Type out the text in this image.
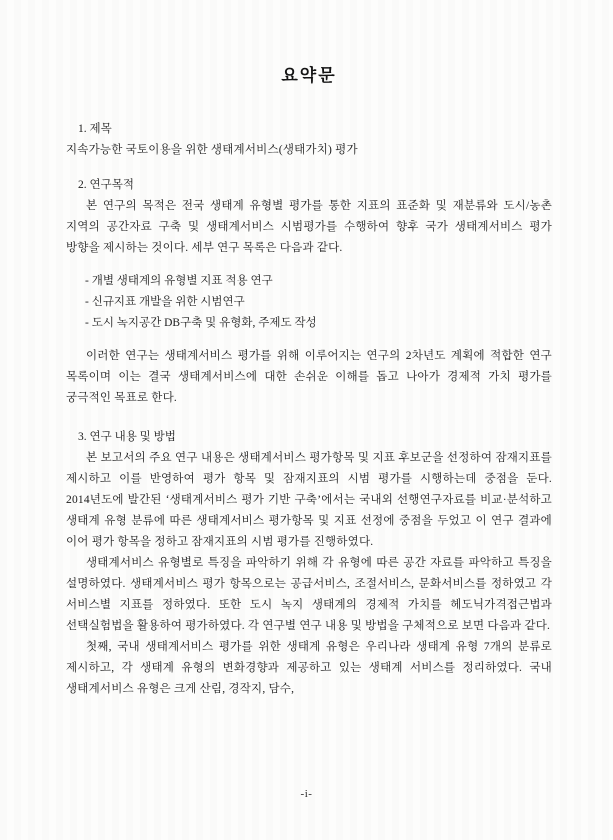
요약문
1. 제목

지속가능한 국토이용을 위한 생태계서비스(생태가치) 평가

2. 연구목적

본 연구의 목적은 전국 생태계 유형별 평가를 통한 지표의 표준화 및 재분류와 도시/농촌 지역의 공간자료 구축 및 생태계서비스 시범평가를 수행하여 향후 국가 생태계서비스 평가 방향을 제시하는 것이다. 세부 연구 목록은 다음과 같다.

- 개별 생태계의 유형별 지표 적용 연구
- 신규지표 개발을 위한 시범연구
- 도시 녹지공간 DB구축 및 유형화, 주제도 작성

이러한 연구는 생태계서비스 평가를 위해 이루어지는 연구의 2차년도 계획에 적합한 연구 목록이며 이는 결국 생태계서비스에 대한 손쉬운 이해를 돕고 나아가 경제적 가치 평가를 궁극적인 목표로 한다.

3. 연구 내용 및 방법

본 보고서의 주요 연구 내용은 생태계서비스 평가항목 및 지표 후보군을 선정하여 잠재지표를 제시하고 이를 반영하여 평가 항목 및 잠재지표의 시범 평가를 시행하는데 중점을 둔다. 2014년도에 발간된 ‘생태계서비스 평가 기반 구축’에서는 국내외 선행연구자료를 비교·분석하고 생태계 유형 분류에 따른 생태계서비스 평가항목 및 지표 선정에 중점을 두었고 이 연구 결과에 이어 평가 항목을 정하고 잠재지표의 시범 평가를 진행하였다.

생태계서비스 유형별로 특징을 파악하기 위해 각 유형에 따른 공간 자료를 파악하고 특징을 설명하였다. 생태계서비스 평가 항목으로는 공급서비스, 조절서비스, 문화서비스를 정하였고 각 서비스별 지표를 정하였다. 또한 도시 녹지 생태계의 경제적 가치를 헤도닉가격접근법과 선택실험법을 활용하여 평가하였다. 각 연구별 연구 내용 및 방법을 구체적으로 보면 다음과 같다.

첫째, 국내 생태계서비스 평가를 위한 생태계 유형은 우리나라 생태계 유형 7개의 분류로 제시하고, 각 생태계 유형의 변화경향과 제공하고 있는 생태계 서비스를 정리하였다. 국내 생태계서비스 유형은 크게 산림, 경작지, 담수,

-i-
